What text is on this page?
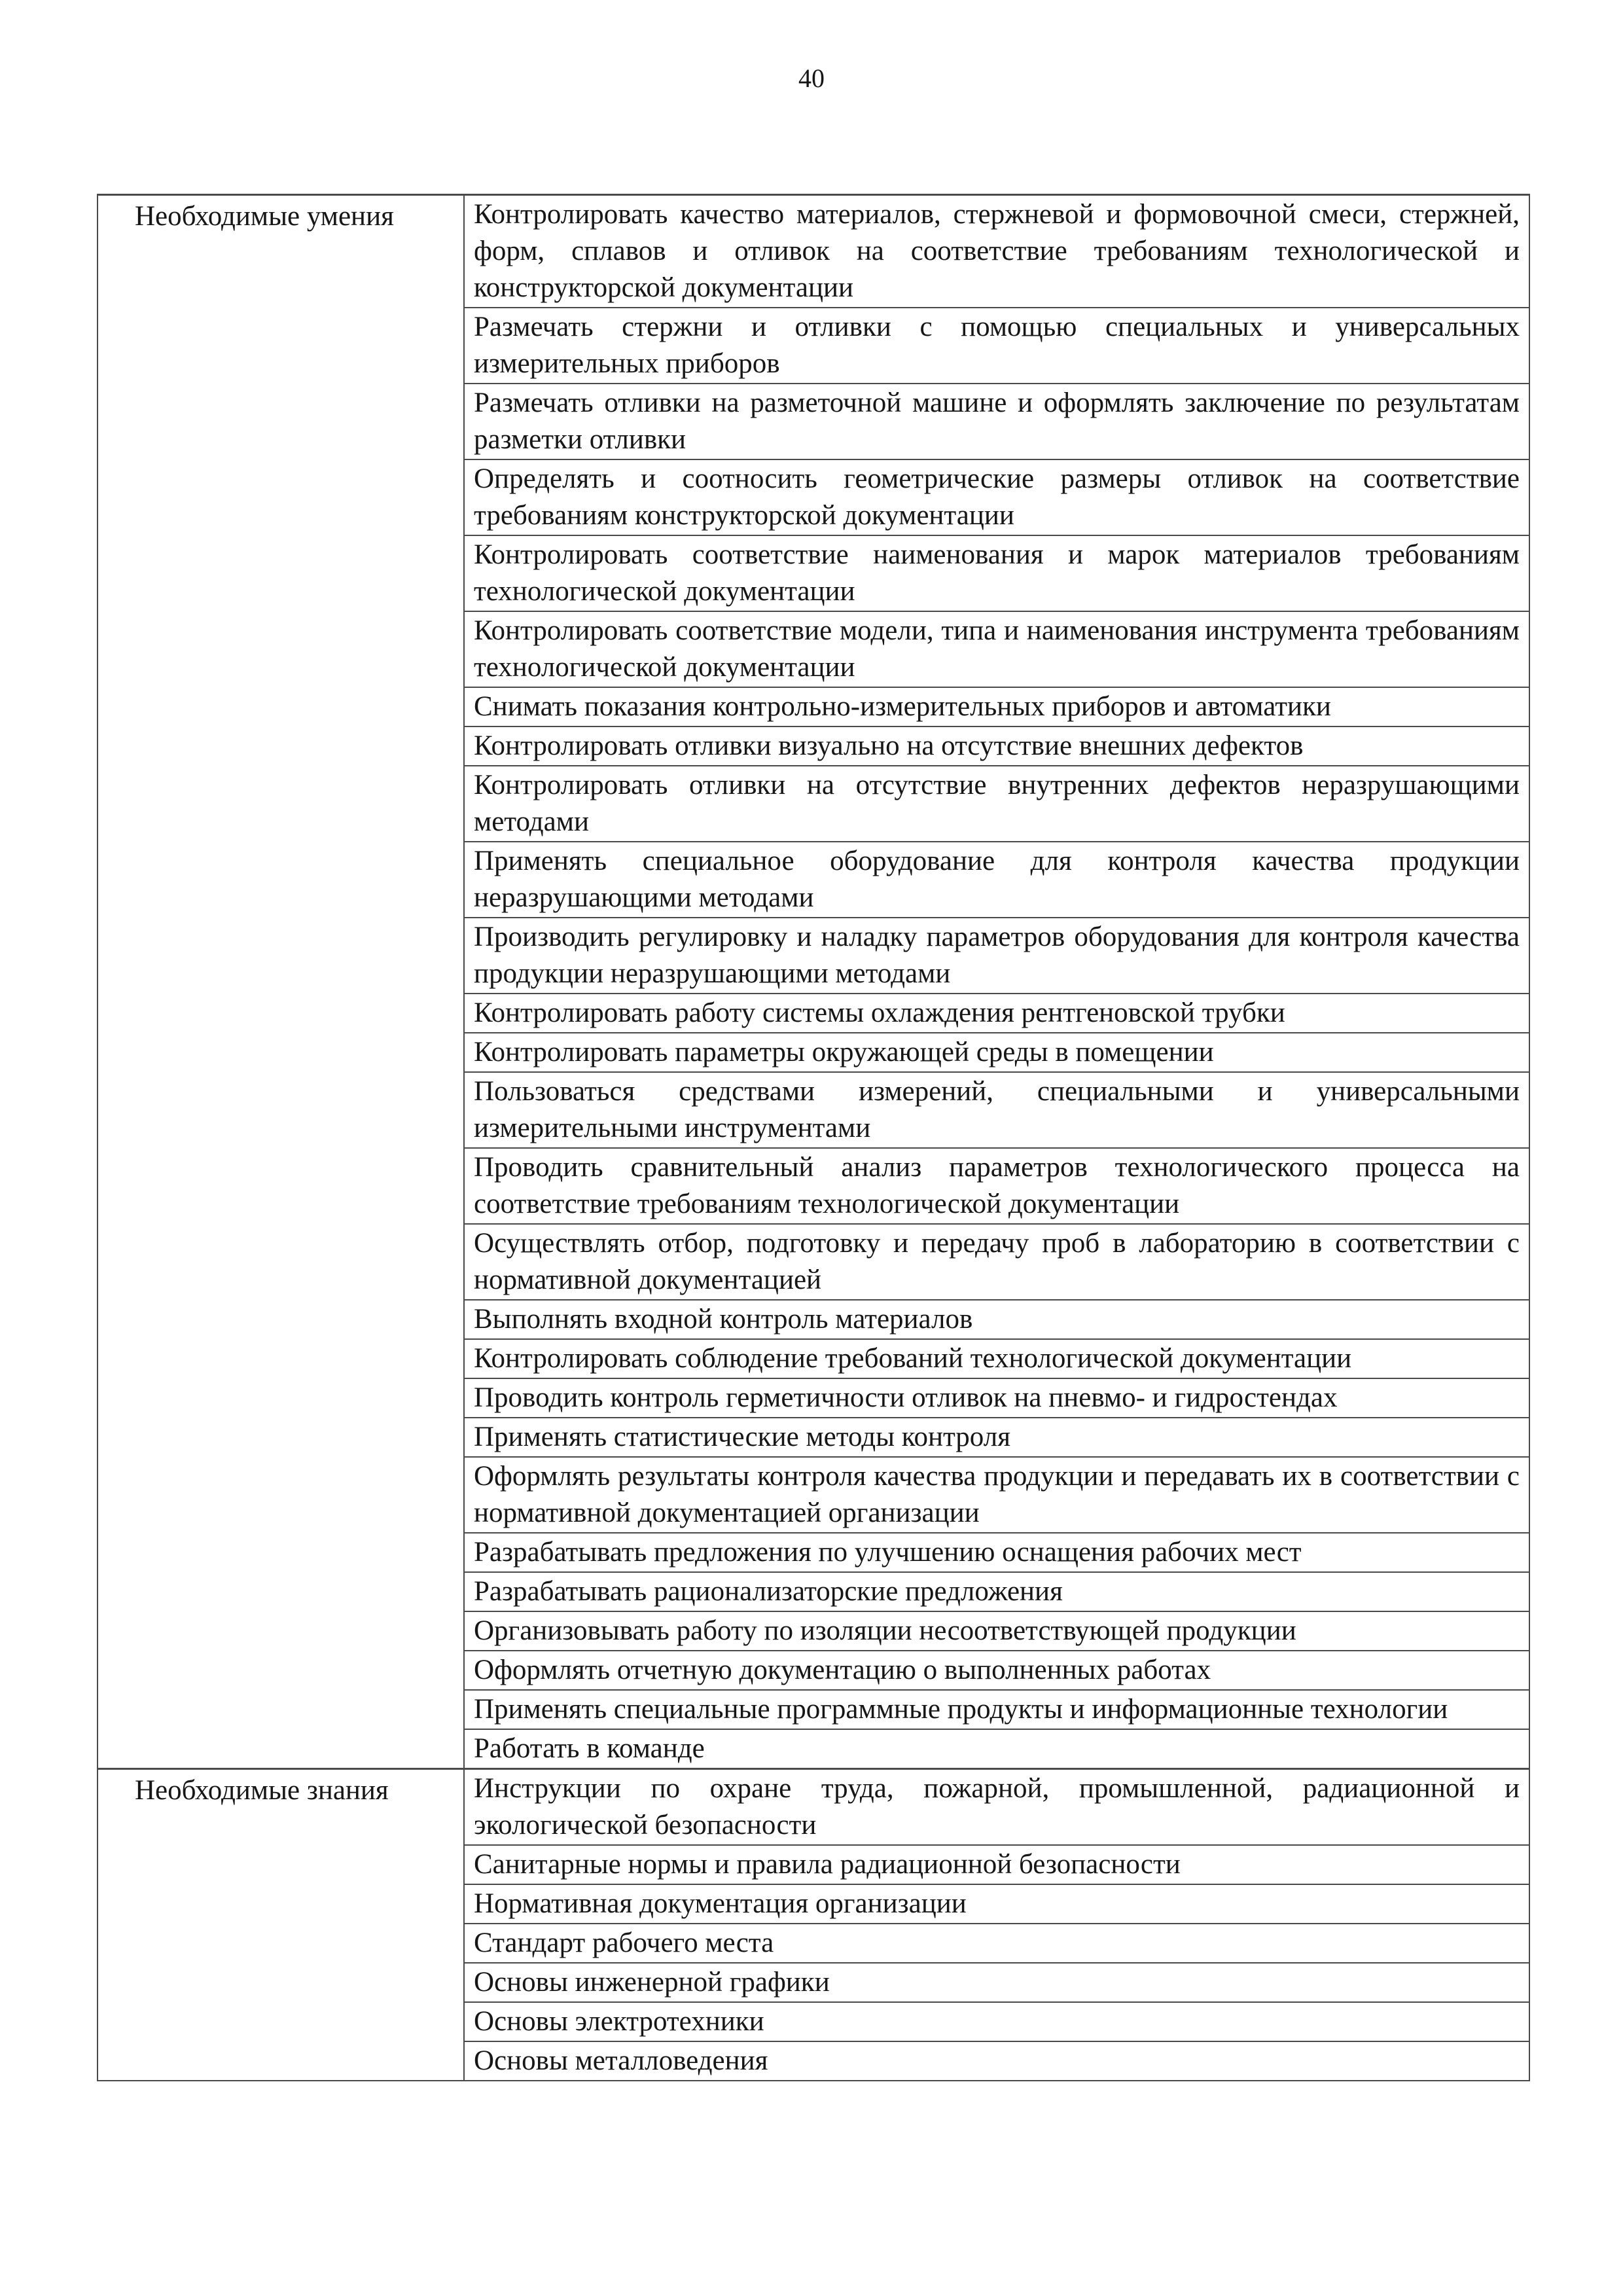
40
Необходимые умения	Контролировать качество материалов, стержневой и формовочной смеси, стержней, форм, сплавов и отливок на соответствие требованиям технологической и конструкторской документации
	Размечать стержни и отливки с помощью специальных и универсальных измерительных приборов
	Размечать отливки на разметочной машине и оформлять заключение по результатам разметки отливки
	Определять и соотносить геометрические размеры отливок на соответствие требованиям конструкторской документации
	Контролировать соответствие наименования и марок материалов требованиям технологической документации
	Контролировать соответствие модели, типа и наименования инструмента требованиям технологической документации
	Снимать показания контрольно-измерительных приборов и автоматики
	Контролировать отливки визуально на отсутствие внешних дефектов
	Контролировать отливки на отсутствие внутренних дефектов неразрушающими методами
	Применять специальное оборудование для контроля качества продукции неразрушающими методами
	Производить регулировку и наладку параметров оборудования для контроля качества продукции неразрушающими методами
	Контролировать работу системы охлаждения рентгеновской трубки
	Контролировать параметры окружающей среды в помещении
	Пользоваться средствами измерений, специальными и универсальными измерительными инструментами
	Проводить сравнительный анализ параметров технологического процесса на соответствие требованиям технологической документации
	Осуществлять отбор, подготовку и передачу проб в лабораторию в соответствии с нормативной документацией
	Выполнять входной контроль материалов
	Контролировать соблюдение требований технологической документации
	Проводить контроль герметичности отливок на пневмо- и гидростендах
	Применять статистические методы контроля
	Оформлять результаты контроля качества продукции и передавать их в соответствии с нормативной документацией организации
	Разрабатывать предложения по улучшению оснащения рабочих мест
	Разрабатывать рационализаторские предложения
	Организовывать работу по изоляции несоответствующей продукции
	Оформлять отчетную документацию о выполненных работах
	Применять специальные программные продукты и информационные технологии
	Работать в команде
Необходимые знания	Инструкции по охране труда, пожарной, промышленной, радиационной и экологической безопасности
	Санитарные нормы и правила радиационной безопасности
	Нормативная документация организации
	Стандарт рабочего места
	Основы инженерной графики
	Основы электротехники
	Основы металловедения
